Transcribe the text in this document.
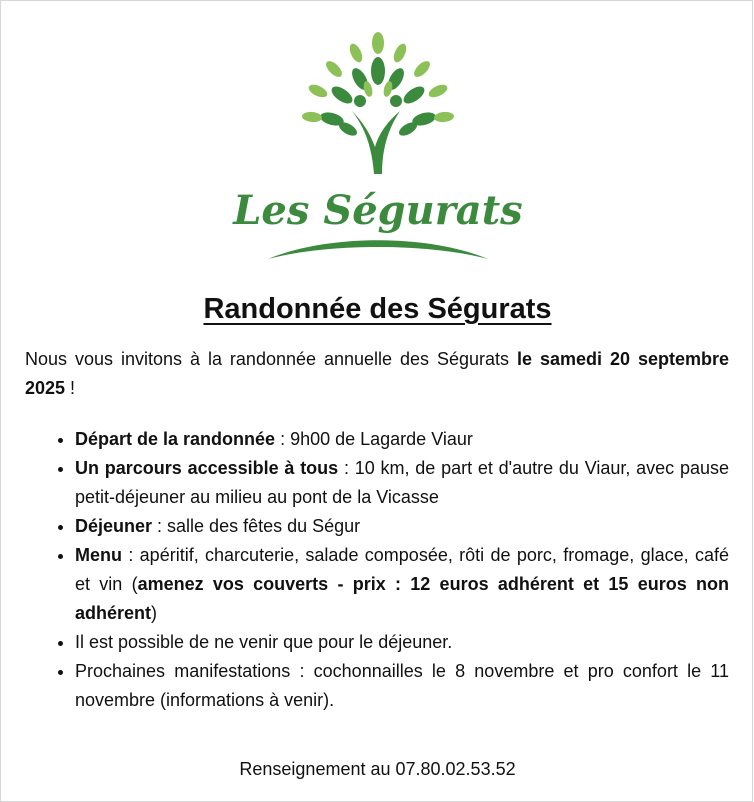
Les Ségurats
Randonnée des Ségurats

Nous vous invitons à la randonnée annuelle des Ségurats le samedi 20 septembre 2025 !

• Départ de la randonnée : 9h00 de Lagarde Viaur
• Un parcours accessible à tous : 10 km, de part et d'autre du Viaur, avec pause petit-déjeuner au milieu au pont de la Vicasse
• Déjeuner : salle des fêtes du Ségur
• Menu : apéritif, charcuterie, salade composée, rôti de porc, fromage, glace, café et vin (amenez vos couverts - prix : 12 euros adhérent et 15 euros non adhérent)
• Il est possible de ne venir que pour le déjeuner.
• Prochaines manifestations : cochonnailles le 8 novembre et pro confort le 11 novembre (informations à venir).
Renseignement au 07.80.02.53.52
